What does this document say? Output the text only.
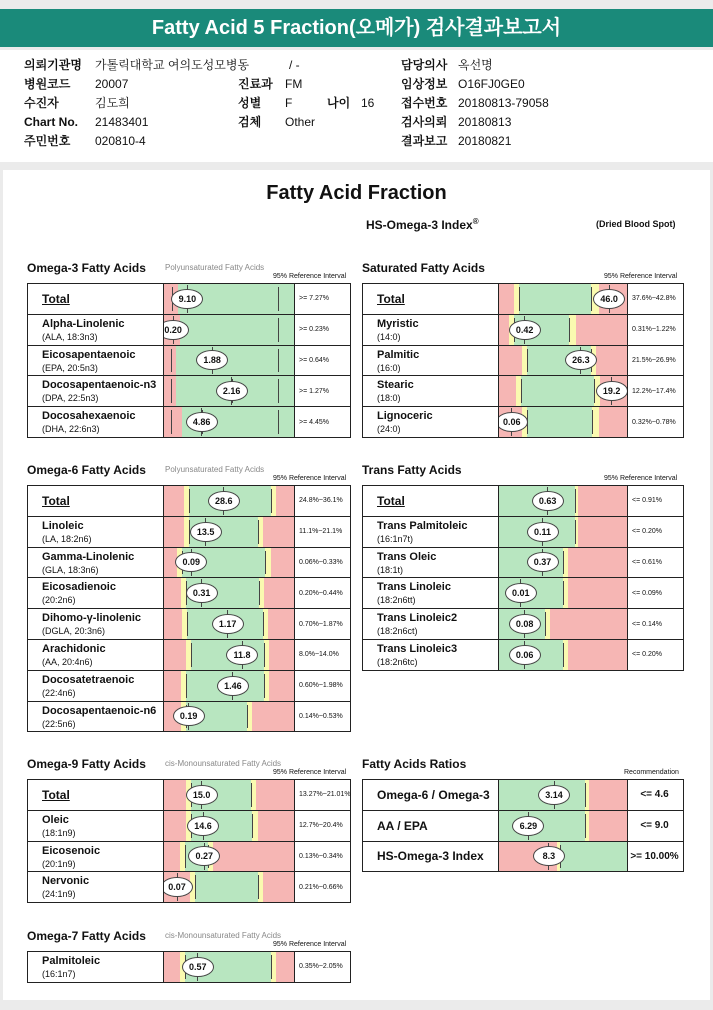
Fatty Acid 5 Fraction(오메가) 검사결과보고서
의뢰기관명 가톨릭대학교 여의도성모병동	/ -	담당의사 옥선명
병원코드 20007	진료과 FM	임상정보 O16FJ0GE0
수진자	김도희	성별 F	나이 16 접수번호 20180813-79058
Chart No. 21483401	검체 Other	검사의뢰 20180813
주민번호 020810-4	결과보고 20180821
Fatty Acid Fraction
HS-Omega-3 Index®	(Dried Blood Spot)
Omega-3 Fatty Acids Polyunsaturated Fatty Acids
95% Reference Interval
Total	9.10	>= 7.27%
Alpha-Linolenic
(ALA, 18:3n3)
0.20	>= 0.23%
Eicosapentaenoic
(EPA, 20:5n3)
1.88	>= 0.64%
Docosapentaenoic-n3
(DPA, 22:5n3)
2.16	>= 1.27%
Docosahexaenoic
(DHA, 22:6n3)
4.86	>= 4.45%
Saturated Fatty Acids
95% Reference Interval
Total	46.0	37.6%~42.8%
Myristic
(14:0)
0.42	0.31%~1.22%
Palmitic
(16:0)
26.3	21.5%~26.9%
Stearic
(18:0)
19.2	12.2%~17.4%
Lignoceric
(24:0)
0.06	0.32%~0.78%
Omega-6 Fatty Acids Polyunsaturated Fatty Acids
95% Reference Interval
Total	28.6	24.8%~36.1%
Linoleic
(LA, 18:2n6)
13.5	11.1%~21.1%
Gamma-Linolenic
(GLA, 18:3n6)
0.09	0.06%~0.33%
Eicosadienoic
(20:2n6)
0.31	0.20%~0.44%
Dihomo-γ-linolenic
(DGLA, 20:3n6)
1.17	0.70%~1.87%
Arachidonic
(AA, 20:4n6)
11.8	8.0%~14.0%
Docosatetraenoic
(22:4n6)
1.46	0.60%~1.98%
Docosapentaenoic-n6
(22:5n6)
0.19	0.14%~0.53%
Trans Fatty Acids
95% Reference Interval
Total	0.63	<= 0.91%
Trans Palmitoleic
(16:1n7t)
0.11	<= 0.20%
Trans Oleic
(18:1t)
0.37	<= 0.61%
Trans Linoleic
(18:2n6tt)
0.01	<= 0.09%
Trans Linoleic2
(18:2n6ct)
0.08	<= 0.14%
Trans Linoleic3
(18:2n6tc)
0.06	<= 0.20%
Omega-9 Fatty Acids cis-Monounsaturated Fatty Acids
95% Reference Interval
Total	15.0	13.27%~21.01%
Oleic
(18:1n9)
14.6	12.7%~20.4%
Eicosenoic
(20:1n9)
0.27	0.13%~0.34%
Nervonic
(24:1n9)
0.07	0.21%~0.66%
Fatty Acids Ratios
Recommendation
Omega-6 / Omega-3	3.14	<= 4.6
AA / EPA	6.29	<= 9.0
HS-Omega-3 Index	8.3	>= 10.00%
Omega-7 Fatty Acids cis-Monounsaturated Fatty Acids
95% Reference Interval
Palmitoleic
(16:1n7)
0.57	0.35%~2.05%
